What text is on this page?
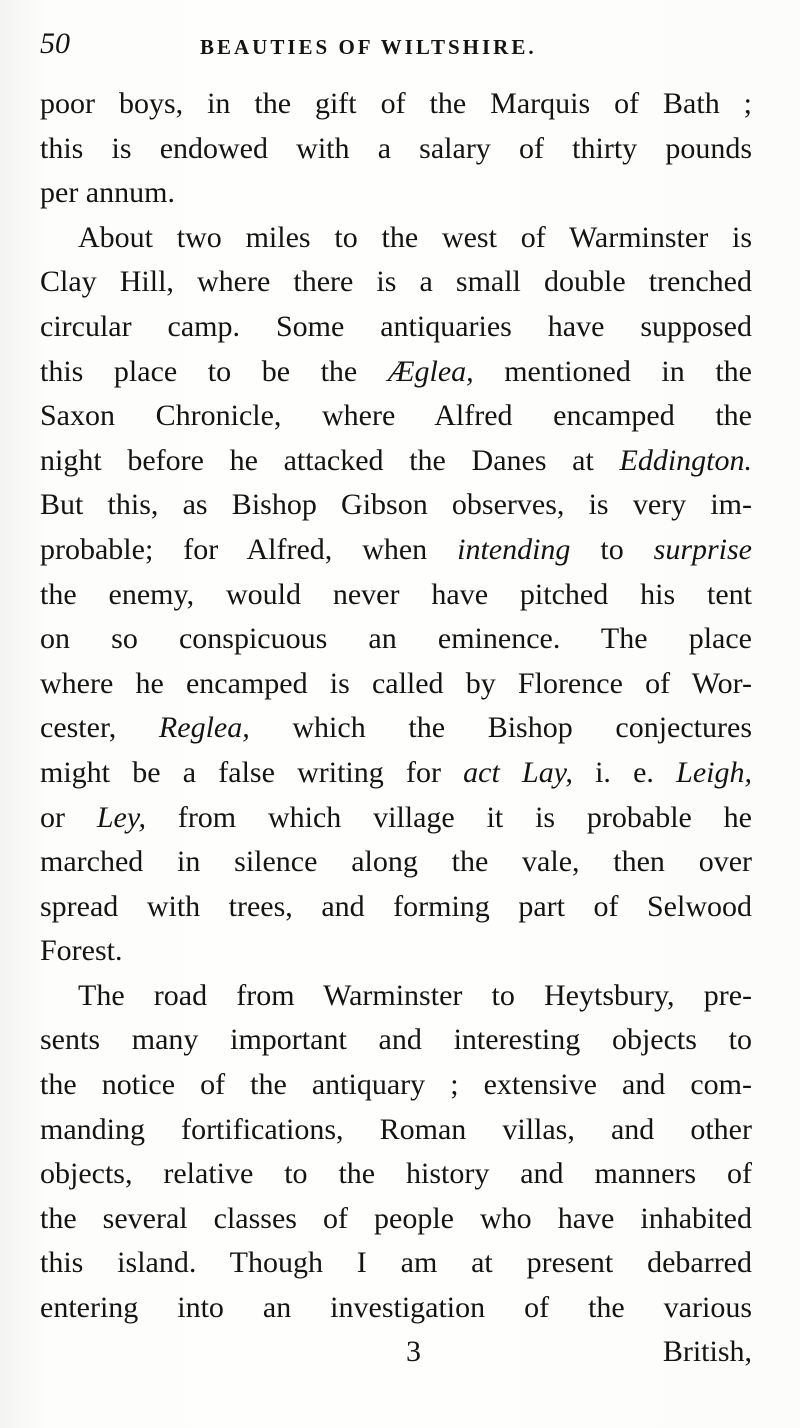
50	BEAUTIES OF WILTSHIRE.
poor boys, in the gift of the Marquis of Bath ;
this is endowed with a salary of thirty pounds
per annum.
About two miles to the west of Warminster is
Clay Hill, where there is a small double trenched
circular camp. Some antiquaries have supposed
this place to be the Æglea, mentioned in the
Saxon Chronicle, where Alfred encamped the
night before he attacked the Danes at Eddington.
But this, as Bishop Gibson observes, is very im-
probable; for Alfred, when intending to surprise
the enemy, would never have pitched his tent
on so conspicuous an eminence. The place
where he encamped is called by Florence of Wor-
cester, Reglea, which the Bishop conjectures
might be a false writing for act Lay, i. e. Leigh,
or Ley, from which village it is probable he
marched in silence along the vale, then over
spread with trees, and forming part of Selwood
Forest.
The road from Warminster to Heytsbury, pre-
sents many important and interesting objects to
the notice of the antiquary ; extensive and com-
manding fortifications, Roman villas, and other
objects, relative to the history and manners of
the several classes of people who have inhabited
this island. Though I am at present debarred
entering into an investigation of the various
3	British,
